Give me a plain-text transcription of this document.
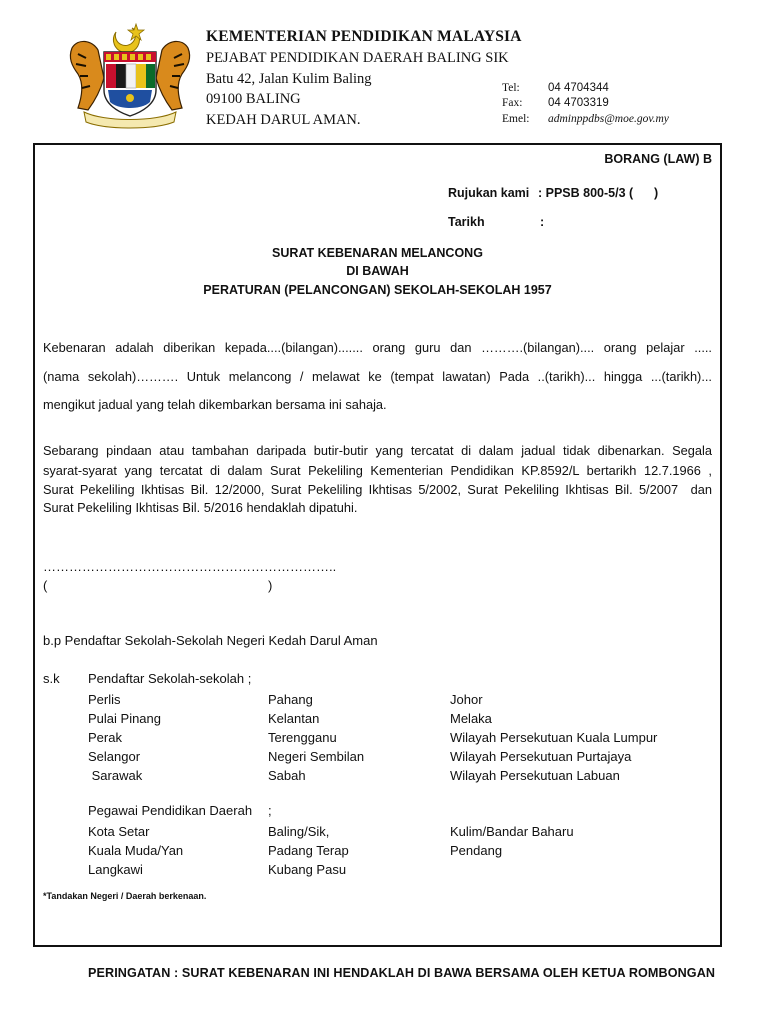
KEMENTERIAN PENDIDIKAN MALAYSIA
PEJABAT PENDIDIKAN DAERAH BALING SIK
Batu 42, Jalan Kulim Baling
09100 BALING
KEDAH DARUL AMAN.
Tel: 04 4704344
Fax: 04 4703319
Emel: adminppdbs@moe.gov.my
BORANG (LAW) B
Rujukan kami : PPSB 800-5/3 (      )
Tarikh	:
SURAT KEBENARAN MELANCONG
DI BAWAH
PERATURAN (PELANCONGAN) SEKOLAH-SEKOLAH 1957
Kebenaran adalah diberikan kepada....(bilangan)....... orang guru dan ……….(bilangan).... orang pelajar .....
(nama sekolah)………. Untuk melancong / melawat ke (tempat lawatan) Pada ..(tarikh)... hingga ...(tarikh)...
mengikut jadual yang telah dikembarkan bersama ini sahaja.
Sebarang pindaan atau tambahan daripada butir-butir yang tercatat di dalam jadual tidak dibenarkan. Segala
syarat-syarat yang tercatat di dalam Surat Pekeliling Kementerian Pendidikan KP.8592/L bertarikh 12.7.1966 ,
Surat Pekeliling Ikhtisas Bil. 12/2000, Surat Pekeliling Ikhtisas 5/2002, Surat Pekeliling Ikhtisas Bil. 5/2007  dan
Surat Pekeliling Ikhtisas Bil. 5/2016 hendaklah dipatuhi.
…………………………………………………………..
(	)
b.p Pendaftar Sekolah-Sekolah Negeri Kedah Darul Aman
s.k Pendaftar Sekolah-sekolah ;
Perlis
Pulai Pinang
Perak
Selangor
Sarawak
Pahang
Kelantan
Terengganu
Negeri Sembilan
Sabah
Johor
Melaka
Wilayah Persekutuan Kuala Lumpur
Wilayah Persekutuan Purtajaya
Wilayah Persekutuan Labuan
Pegawai Pendidikan Daerah ;
Kota Setar
Kuala Muda/Yan
Langkawi
Baling/Sik,
Padang Terap
Kubang Pasu
Kulim/Bandar Baharu
Pendang
*Tandakan Negeri / Daerah berkenaan.
PERINGATAN : SURAT KEBENARAN INI HENDAKLAH DI BAWA BERSAMA OLEH KETUA ROMBONGAN
